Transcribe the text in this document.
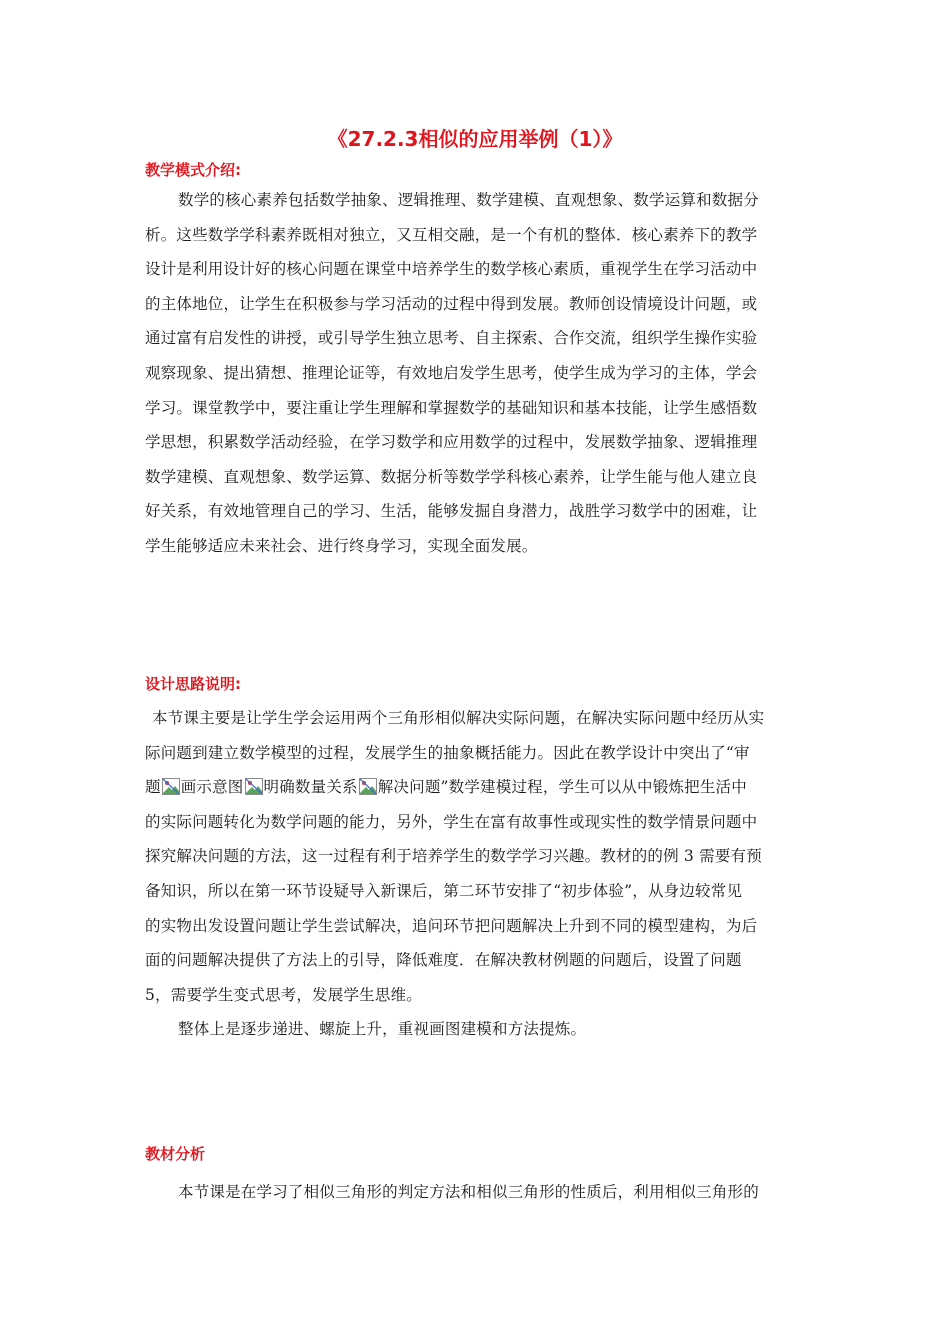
《27.2.3相似的应用举例（1）》
教学模式介绍:
数学的核心素养包括数学抽象、逻辑推理、数学建模、直观想象、数学运算和数据分
析。这些数学学科素养既相对独立，又互相交融，是一个有机的整体．核心素养下的教学
设计是利用设计好的核心问题在课堂中培养学生的数学核心素质，重视学生在学习活动中
的主体地位，让学生在积极参与学习活动的过程中得到发展。教师创设情境设计问题，或
通过富有启发性的讲授，或引导学生独立思考、自主探索、合作交流，组织学生操作实验
观察现象、提出猜想、推理论证等，有效地启发学生思考，使学生成为学习的主体，学会
学习。课堂教学中，要注重让学生理解和掌握数学的基础知识和基本技能，让学生感悟数
学思想，积累数学活动经验，在学习数学和应用数学的过程中，发展数学抽象、逻辑推理
数学建模、直观想象、数学运算、数据分析等数学学科核心素养，让学生能与他人建立良
好关系，有效地管理自己的学习、生活，能够发掘自身潜力，战胜学习数学中的困难，让
学生能够适应未来社会、进行终身学习，实现全面发展。
设计思路说明:
本节课主要是让学生学会运用两个三角形相似解决实际问题，在解决实际问题中经历从实
际问题到建立数学模型的过程，发展学生的抽象概括能力。因此在教学设计中突出了“审
题 画示意图 明确数量关系 解决问题”数学建模过程，学生可以从中锻炼把生活中
的实际问题转化为数学问题的能力，另外，学生在富有故事性或现实性的数学情景问题中
探究解决问题的方法，这一过程有利于培养学生的数学学习兴趣。教材的的例 3 需要有预
备知识，所以在第一环节设疑导入新课后，第二环节安排了“初步体验”，从身边较常见
的实物出发设置问题让学生尝试解决，追问环节把问题解决上升到不同的模型建构，为后
面的问题解决提供了方法上的引导，降低难度．在解决教材例题的问题后，设置了问题
5，需要学生变式思考，发展学生思维。
整体上是逐步递进、螺旋上升，重视画图建模和方法提炼。
教材分析
本节课是在学习了相似三角形的判定方法和相似三角形的性质后，利用相似三角形的
